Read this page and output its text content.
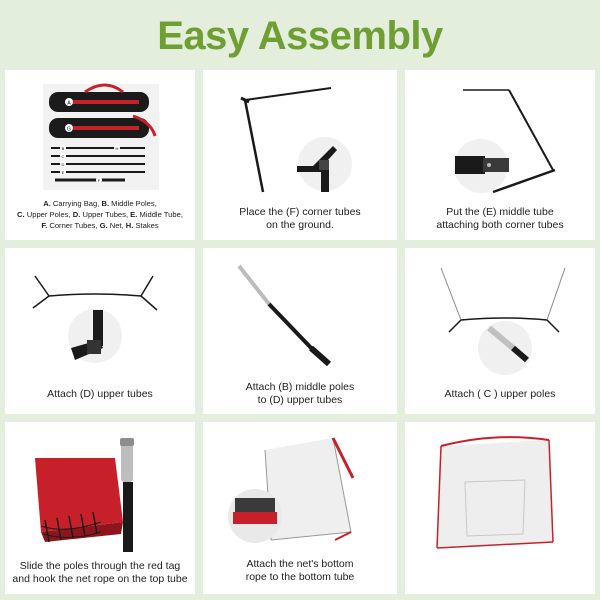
Easy Assembly
A
G
B
C
D
E
F
H
A. Carrying Bag, B. Middle Poles,
C. Upper Poles, D. Upper Tubes, E. Middle Tube,
F. Corner Tubes, G. Net, H. Stakes
Place the (F) corner tubes
on the ground.
Put the (E) middle tube
attaching both corner tubes
Attach (D) upper tubes
Attach (B) middle poles
to (D) upper tubes	Attach ( C ) upper poles
Slide the poles through the red tag
and hook the net rope on the top tube
Attach the net's bottom
rope to the bottom tube
